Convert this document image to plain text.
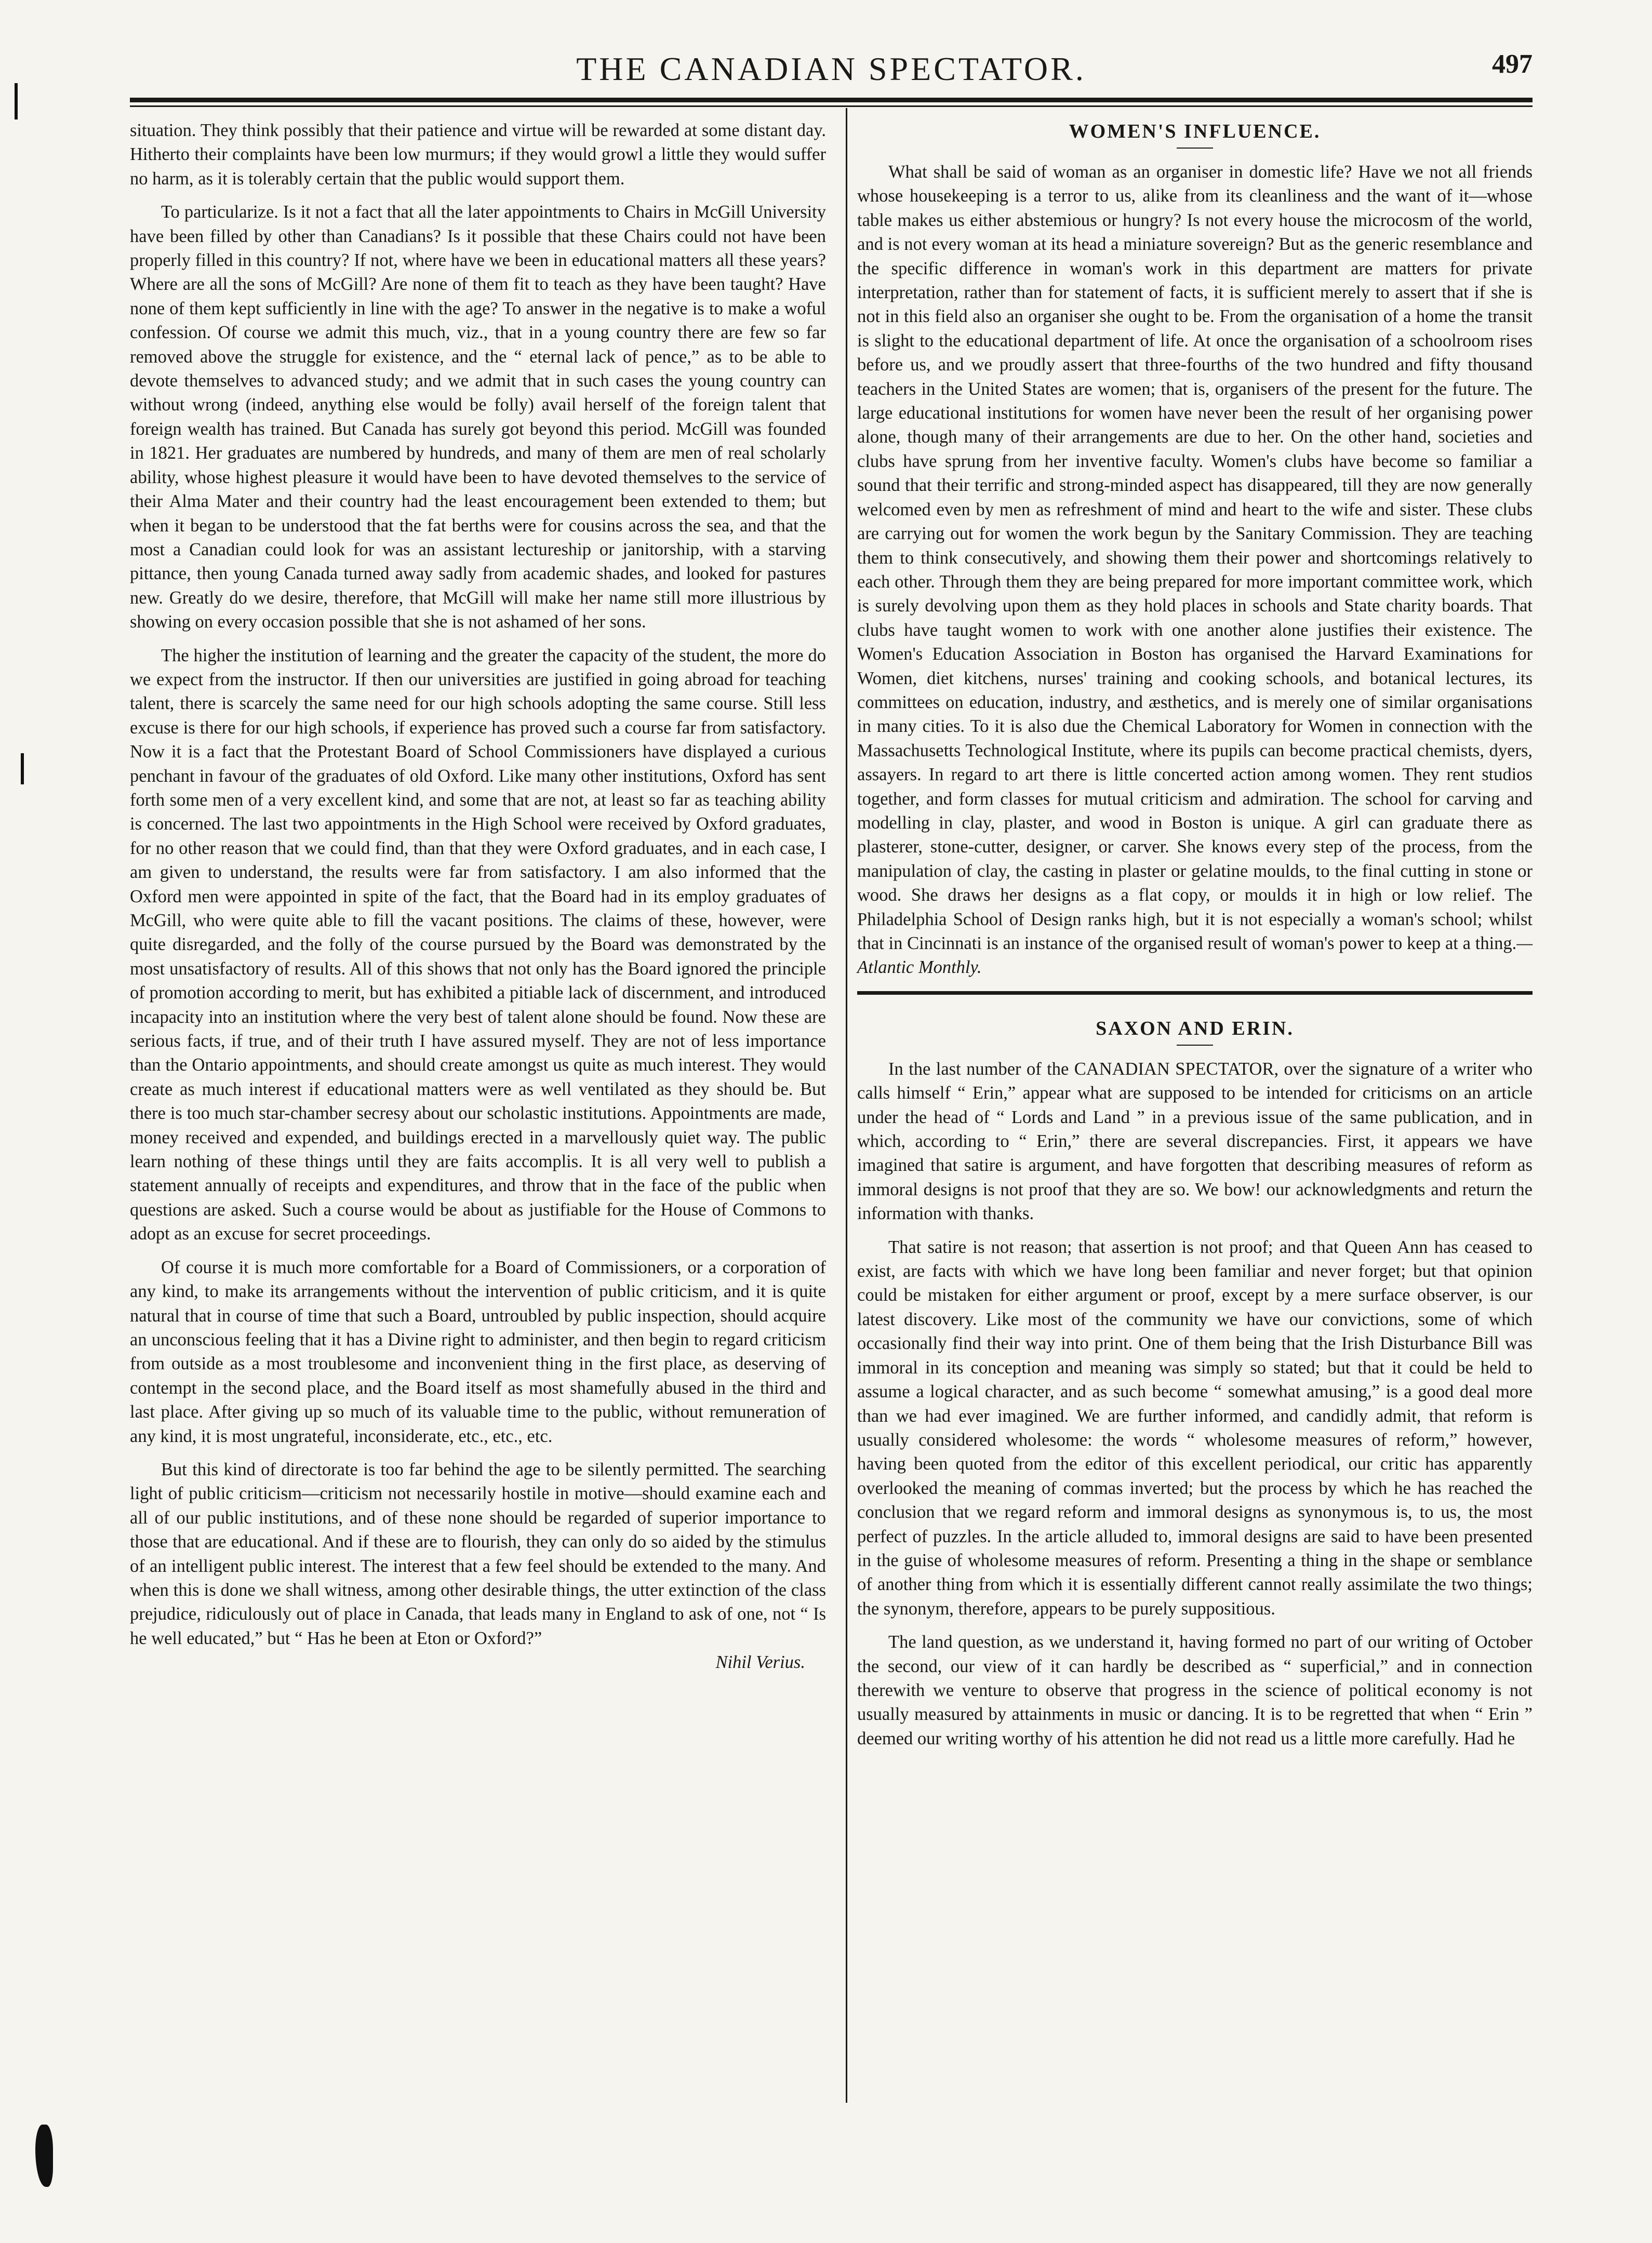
THE CANADIAN SPECTATOR.	497

situation. They think possibly that their patience and virtue will be rewarded at some distant day. Hitherto their complaints have been low murmurs; if they would growl a little they would suffer no harm, as it is tolerably certain that the public would support them.

To particularize. Is it not a fact that all the later appointments to Chairs in McGill University have been filled by other than Canadians? Is it possible that these Chairs could not have been properly filled in this country? If not, where have we been in educational matters all these years? Where are all the sons of McGill? Are none of them fit to teach as they have been taught? Have none of them kept sufficiently in line with the age? To answer in the negative is to make a woful confession. Of course we admit this much, viz., that in a young country there are few so far removed above the struggle for existence, and the “ eternal lack of pence,” as to be able to devote themselves to advanced study; and we admit that in such cases the young country can without wrong (indeed, anything else would be folly) avail herself of the foreign talent that foreign wealth has trained. But Canada has surely got beyond this period. McGill was founded in 1821. Her graduates are numbered by hundreds, and many of them are men of real scholarly ability, whose highest pleasure it would have been to have devoted themselves to the service of their Alma Mater and their country had the least encouragement been extended to them; but when it began to be understood that the fat berths were for cousins across the sea, and that the most a Canadian could look for was an assistant lectureship or janitorship, with a starving pittance, then young Canada turned away sadly from academic shades, and looked for pastures new. Greatly do we desire, therefore, that McGill will make her name still more illustrious by showing on every occasion possible that she is not ashamed of her sons.

The higher the institution of learning and the greater the capacity of the student, the more do we expect from the instructor. If then our universities are justified in going abroad for teaching talent, there is scarcely the same need for our high schools adopting the same course. Still less excuse is there for our high schools, if experience has proved such a course far from satisfactory. Now it is a fact that the Protestant Board of School Commissioners have displayed a curious penchant in favour of the graduates of old Oxford. Like many other institutions, Oxford has sent forth some men of a very excellent kind, and some that are not, at least so far as teaching ability is concerned. The last two appointments in the High School were received by Oxford graduates, for no other reason that we could find, than that they were Oxford graduates, and in each case, I am given to understand, the results were far from satisfactory. I am also informed that the Oxford men were appointed in spite of the fact, that the Board had in its employ graduates of McGill, who were quite able to fill the vacant positions. The claims of these, however, were quite disregarded, and the folly of the course pursued by the Board was demonstrated by the most unsatisfactory of results. All of this shows that not only has the Board ignored the principle of promotion according to merit, but has exhibited a pitiable lack of discernment, and introduced incapacity into an institution where the very best of talent alone should be found. Now these are serious facts, if true, and of their truth I have assured myself. They are not of less importance than the Ontario appointments, and should create amongst us quite as much interest. They would create as much interest if educational matters were as well ventilated as they should be. But there is too much star-chamber secresy about our scholastic institutions. Appointments are made, money received and expended, and buildings erected in a marvellously quiet way. The public learn nothing of these things until they are faits accomplis. It is all very well to publish a statement annually of receipts and expenditures, and throw that in the face of the public when questions are asked. Such a course would be about as justifiable for the House of Commons to adopt as an excuse for secret proceedings.

Of course it is much more comfortable for a Board of Commissioners, or a corporation of any kind, to make its arrangements without the intervention of public criticism, and it is quite natural that in course of time that such a Board, untroubled by public inspection, should acquire an unconscious feeling that it has a Divine right to administer, and then begin to regard criticism from outside as a most troublesome and inconvenient thing in the first place, as deserving of contempt in the second place, and the Board itself as most shamefully abused in the third and last place. After giving up so much of its valuable time to the public, without remuneration of any kind, it is most ungrateful, inconsiderate, etc., etc., etc.

But this kind of directorate is too far behind the age to be silently permitted. The searching light of public criticism—criticism not necessarily hostile in motive—should examine each and all of our public institutions, and of these none should be regarded of superior importance to those that are educational. And if these are to flourish, they can only do so aided by the stimulus of an intelligent public interest. The interest that a few feel should be extended to the many. And when this is done we shall witness, among other desirable things, the utter extinction of the class prejudice, ridiculously out of place in Canada, that leads many in England to ask of one, not “ Is he well educated,” but “ Has he been at Eton or Oxford?”

Nihil Verius.
WOMEN'S INFLUENCE.

What shall be said of woman as an organiser in domestic life? Have we not all friends whose housekeeping is a terror to us, alike from its cleanliness and the want of it—whose table makes us either abstemious or hungry? Is not every house the microcosm of the world, and is not every woman at its head a miniature sovereign? But as the generic resemblance and the specific difference in woman's work in this department are matters for private interpretation, rather than for statement of facts, it is sufficient merely to assert that if she is not in this field also an organiser she ought to be. From the organisation of a home the transit is slight to the educational department of life. At once the organisation of a schoolroom rises before us, and we proudly assert that three-fourths of the two hundred and fifty thousand teachers in the United States are women; that is, organisers of the present for the future. The large educational institutions for women have never been the result of her organising power alone, though many of their arrangements are due to her. On the other hand, societies and clubs have sprung from her inventive faculty. Women's clubs have become so familiar a sound that their terrific and strong-minded aspect has disappeared, till they are now generally welcomed even by men as refreshment of mind and heart to the wife and sister. These clubs are carrying out for women the work begun by the Sanitary Commission. They are teaching them to think consecutively, and showing them their power and shortcomings relatively to each other. Through them they are being prepared for more important committee work, which is surely devolving upon them as they hold places in schools and State charity boards. That clubs have taught women to work with one another alone justifies their existence. The Women's Education Association in Boston has organised the Harvard Examinations for Women, diet kitchens, nurses' training and cooking schools, and botanical lectures, its committees on education, industry, and æsthetics, and is merely one of similar organisations in many cities. To it is also due the Chemical Laboratory for Women in connection with the Massachusetts Technological Institute, where its pupils can become practical chemists, dyers, assayers. In regard to art there is little concerted action among women. They rent studios together, and form classes for mutual criticism and admiration. The school for carving and modelling in clay, plaster, and wood in Boston is unique. A girl can graduate there as plasterer, stone-cutter, designer, or carver. She knows every step of the process, from the manipulation of clay, the casting in plaster or gelatine moulds, to the final cutting in stone or wood. She draws her designs as a flat copy, or moulds it in high or low relief. The Philadelphia School of Design ranks high, but it is not especially a woman's school; whilst that in Cincinnati is an instance of the organised result of woman's power to keep at a thing.—Atlantic Monthly.

SAXON AND ERIN.

In the last number of the CANADIAN SPECTATOR, over the signature of a writer who calls himself “ Erin,” appear what are supposed to be intended for criticisms on an article under the head of “ Lords and Land ” in a previous issue of the same publication, and in which, according to “ Erin,” there are several discrepancies. First, it appears we have imagined that satire is argument, and have forgotten that describing measures of reform as immoral designs is not proof that they are so. We bow! our acknowledgments and return the information with thanks.

That satire is not reason; that assertion is not proof; and that Queen Ann has ceased to exist, are facts with which we have long been familiar and never forget; but that opinion could be mistaken for either argument or proof, except by a mere surface observer, is our latest discovery. Like most of the community we have our convictions, some of which occasionally find their way into print. One of them being that the Irish Disturbance Bill was immoral in its conception and meaning was simply so stated; but that it could be held to assume a logical character, and as such become “ somewhat amusing,” is a good deal more than we had ever imagined. We are further informed, and candidly admit, that reform is usually considered wholesome: the words “ wholesome measures of reform,” however, having been quoted from the editor of this excellent periodical, our critic has apparently overlooked the meaning of commas inverted; but the process by which he has reached the conclusion that we regard reform and immoral designs as synonymous is, to us, the most perfect of puzzles. In the article alluded to, immoral designs are said to have been presented in the guise of wholesome measures of reform. Presenting a thing in the shape or semblance of another thing from which it is essentially different cannot really assimilate the two things; the synonym, therefore, appears to be purely suppositious.

The land question, as we understand it, having formed no part of our writing of October the second, our view of it can hardly be described as “ superficial,” and in connection therewith we venture to observe that progress in the science of political economy is not usually measured by attainments in music or dancing. It is to be regretted that when “ Erin ” deemed our writing worthy of his attention he did not read us a little more carefully. Had he
